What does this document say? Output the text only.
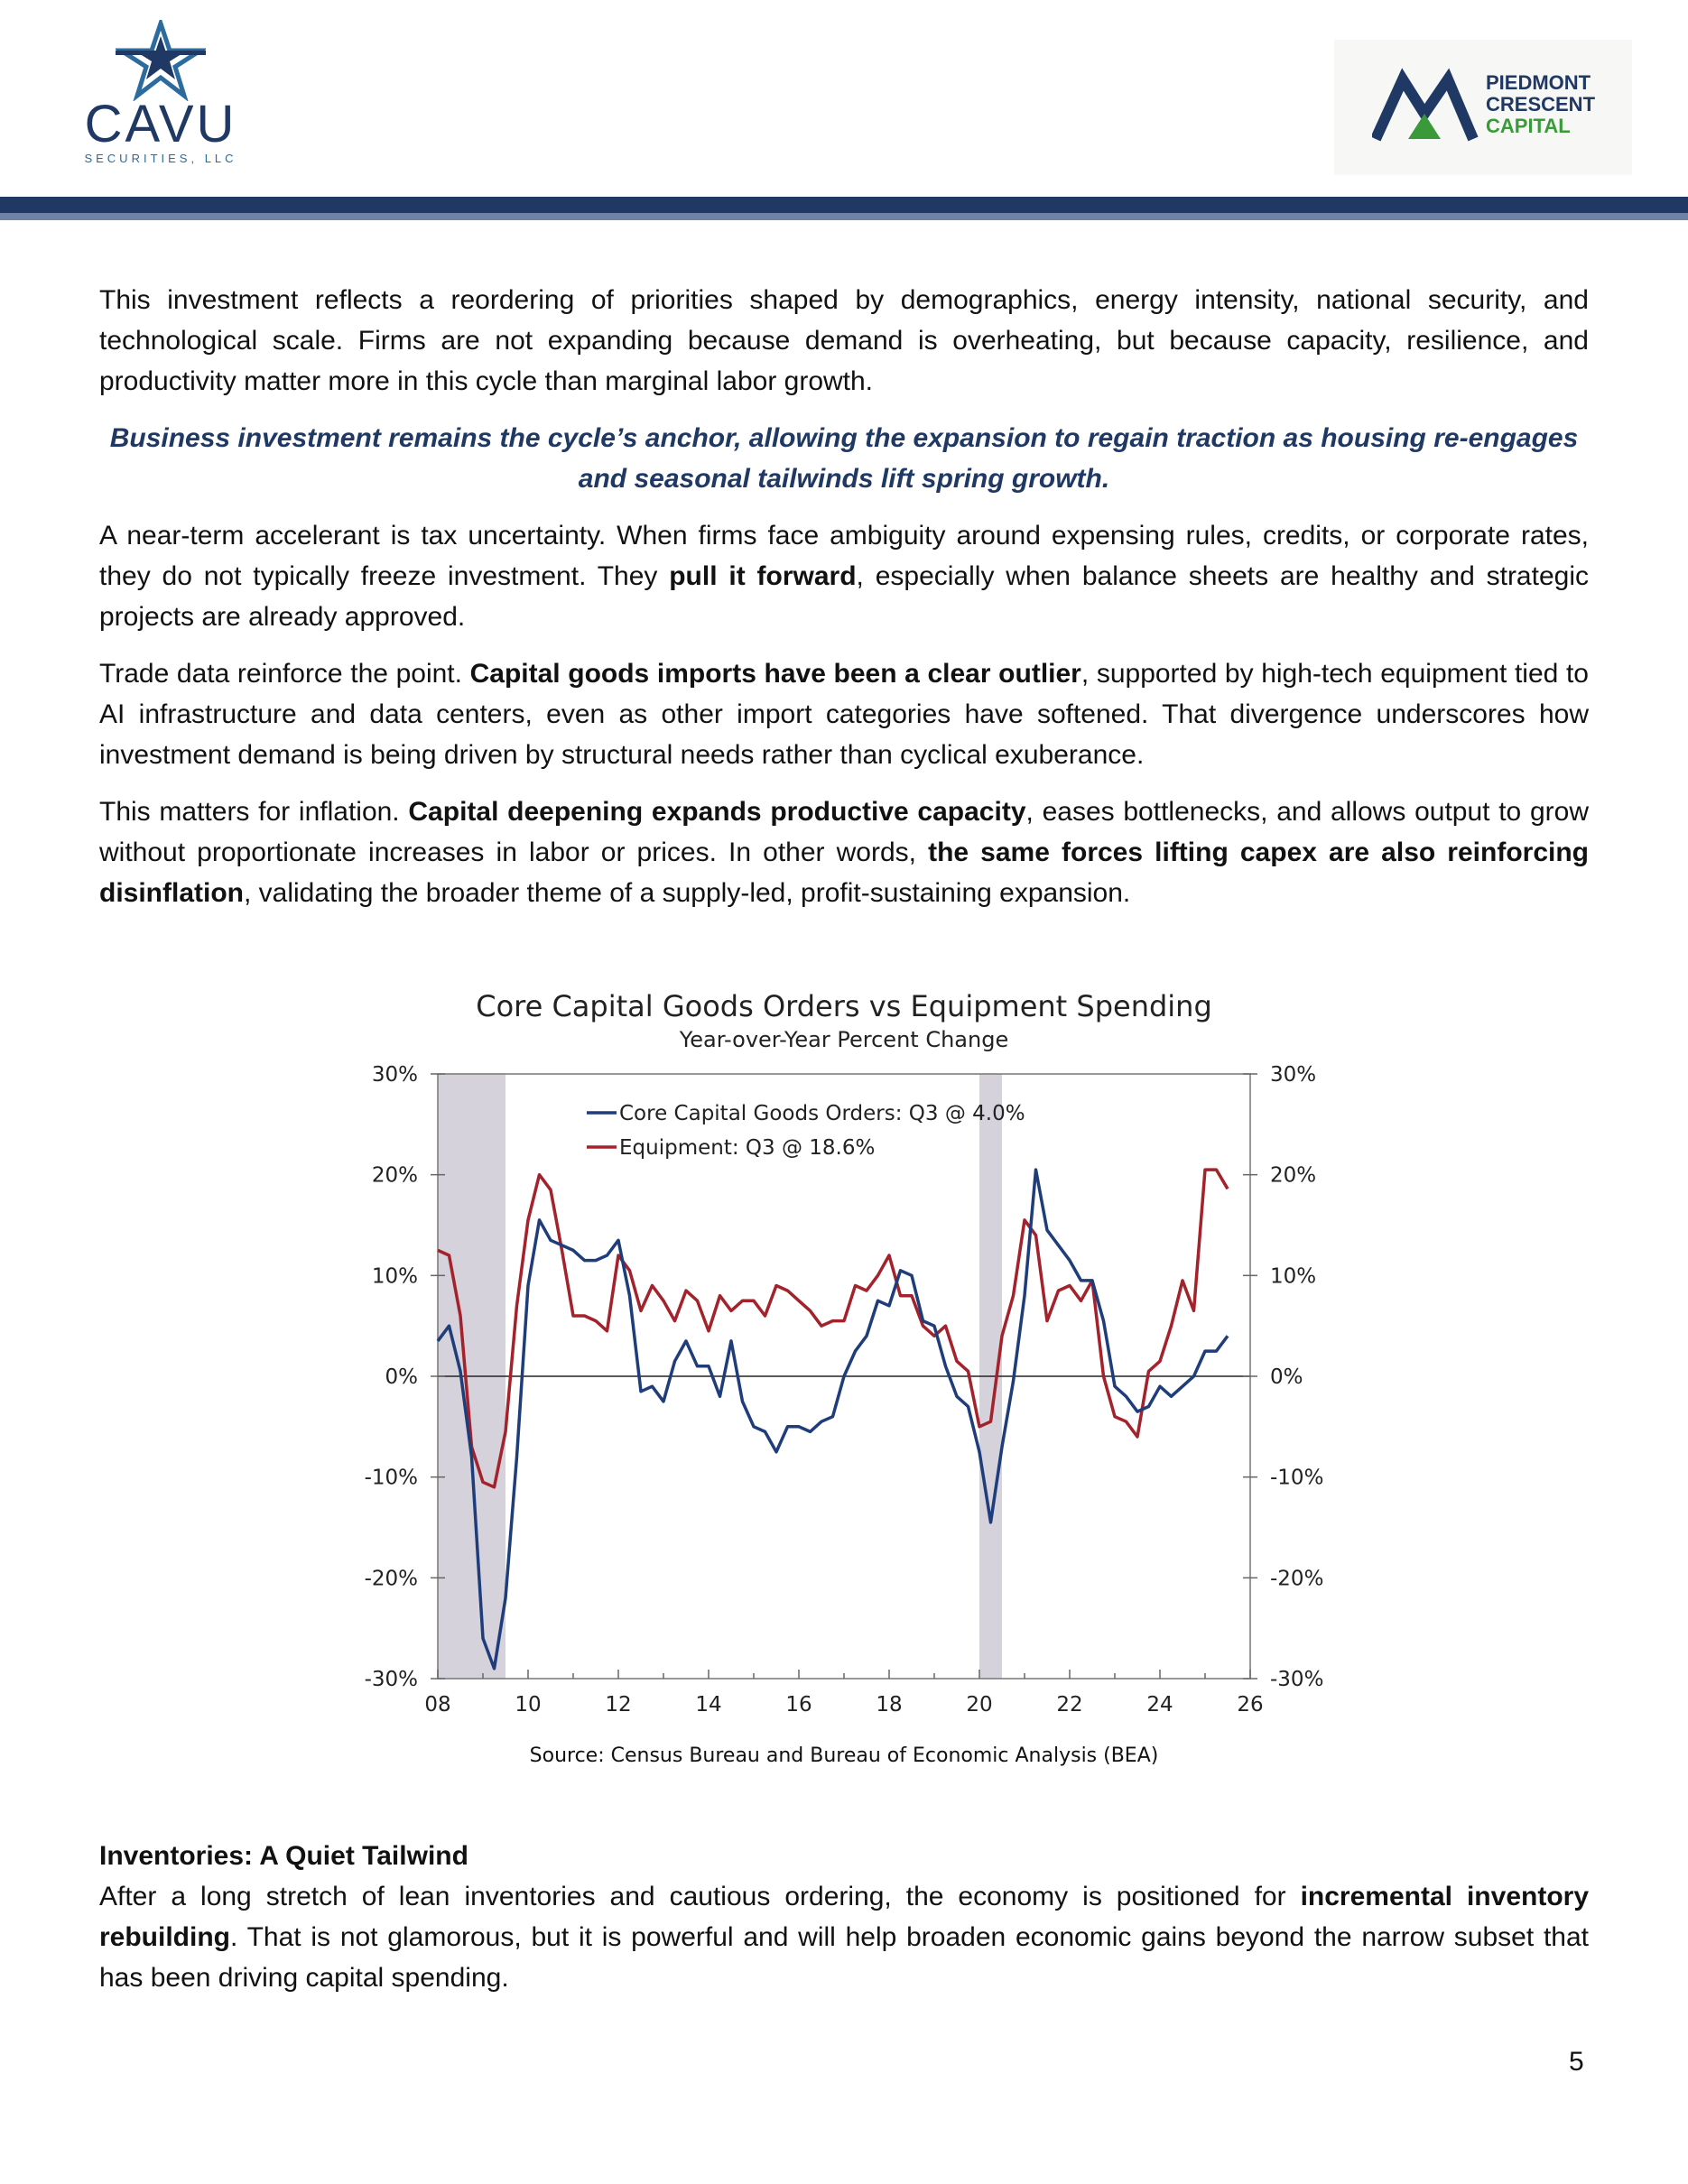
CAVU
SECURITIES, LLC
PIEDMONT
CRESCENT
CAPITAL

This investment reflects a reordering of priorities shaped by demographics, energy intensity, national security, and technological scale. Firms are not expanding because demand is overheating, but because capacity, resilience, and productivity matter more in this cycle than marginal labor growth.

Business investment remains the cycle’s anchor, allowing the expansion to regain traction as housing re-engages and seasonal tailwinds lift spring growth.

A near-term accelerant is tax uncertainty. When firms face ambiguity around expensing rules, credits, or corporate rates, they do not typically freeze investment. They pull it forward, especially when balance sheets are healthy and strategic projects are already approved.

Trade data reinforce the point. Capital goods imports have been a clear outlier, supported by high-tech equipment tied to AI infrastructure and data centers, even as other import categories have softened. That divergence underscores how investment demand is being driven by structural needs rather than cyclical exuberance.

This matters for inflation. Capital deepening expands productive capacity, eases bottlenecks, and allows output to grow without proportionate increases in labor or prices. In other words, the same forces lifting capex are also reinforcing disinflation, validating the broader theme of a supply-led, profit-sustaining expansion.

Core Capital Goods Orders vs Equipment Spending
Year-over-Year Percent Change
30%	30%
20%	20%
10%	10%
0%	0%
-10%	-10%
-20%	-20%
-30%	-30%
08	10	12	14	16	18	20	22	24	26
Core Capital Goods Orders: Q3 @ 4.0%
Equipment: Q3 @ 18.6%
Source: Census Bureau and Bureau of Economic Analysis (BEA)
Inventories: A Quiet Tailwind

After a long stretch of lean inventories and cautious ordering, the economy is positioned for incremental inventory rebuilding. That is not glamorous, but it is powerful and will help broaden economic gains beyond the narrow subset that has been driving capital spending.

5
